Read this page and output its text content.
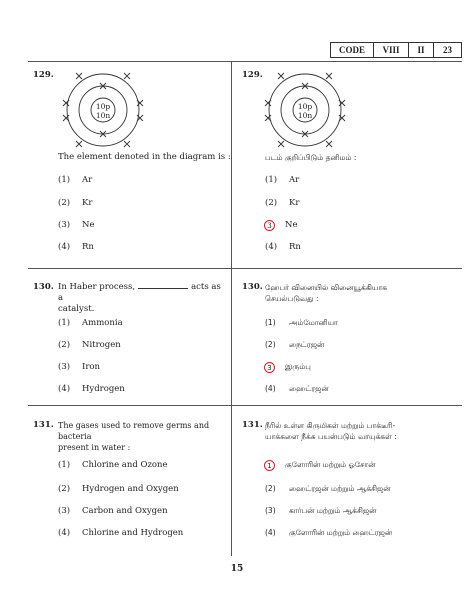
CODE	VIII	II	23
129.
10p
10n
The element denoted in the diagram is :
(1)	Ar
(2)	Kr
(3)	Ne
(4)	Rn
129.
10p
10n
படம் குறிப்பிடும் தனிமம் :
(1)	Ar
(2)	Kr
3	Ne
(4)	Rn
130. In Haber process,	acts as a
catalyst.
(1)	Ammonia
(2)	Nitrogen
(3)	Iron
(4)	Hydrogen
130. ஹேபர் வினையில் வினையூக்கியாக
செயல்படுவது :
(1)	அம்மோனியா
(2)	நைட்ரஜன்
3	இரும்பு
(4)	ஹைட்ரஜன்
131. The gases used to remove germs and bacteria
present in water :
(1)	Chlorine and Ozone
(2)	Hydrogen and Oxygen
(3)	Carbon and Oxygen
(4)	Chlorine and Hydrogen
131. நீரில் உள்ள கிருமிகள் மற்றும் பாக்டீரி-
யாக்களை நீக்க பயன்படும் வாயுக்கள் :
1	குளோரின் மற்றும் ஓசோன்
(2)	ஹைட்ரஜன் மற்றும் ஆக்சிஜன்
(3)	கார்பன் மற்றும் ஆக்சிஜன்
(4)	குளோரின் மற்றும் ஹைட்ரஜன்
15
